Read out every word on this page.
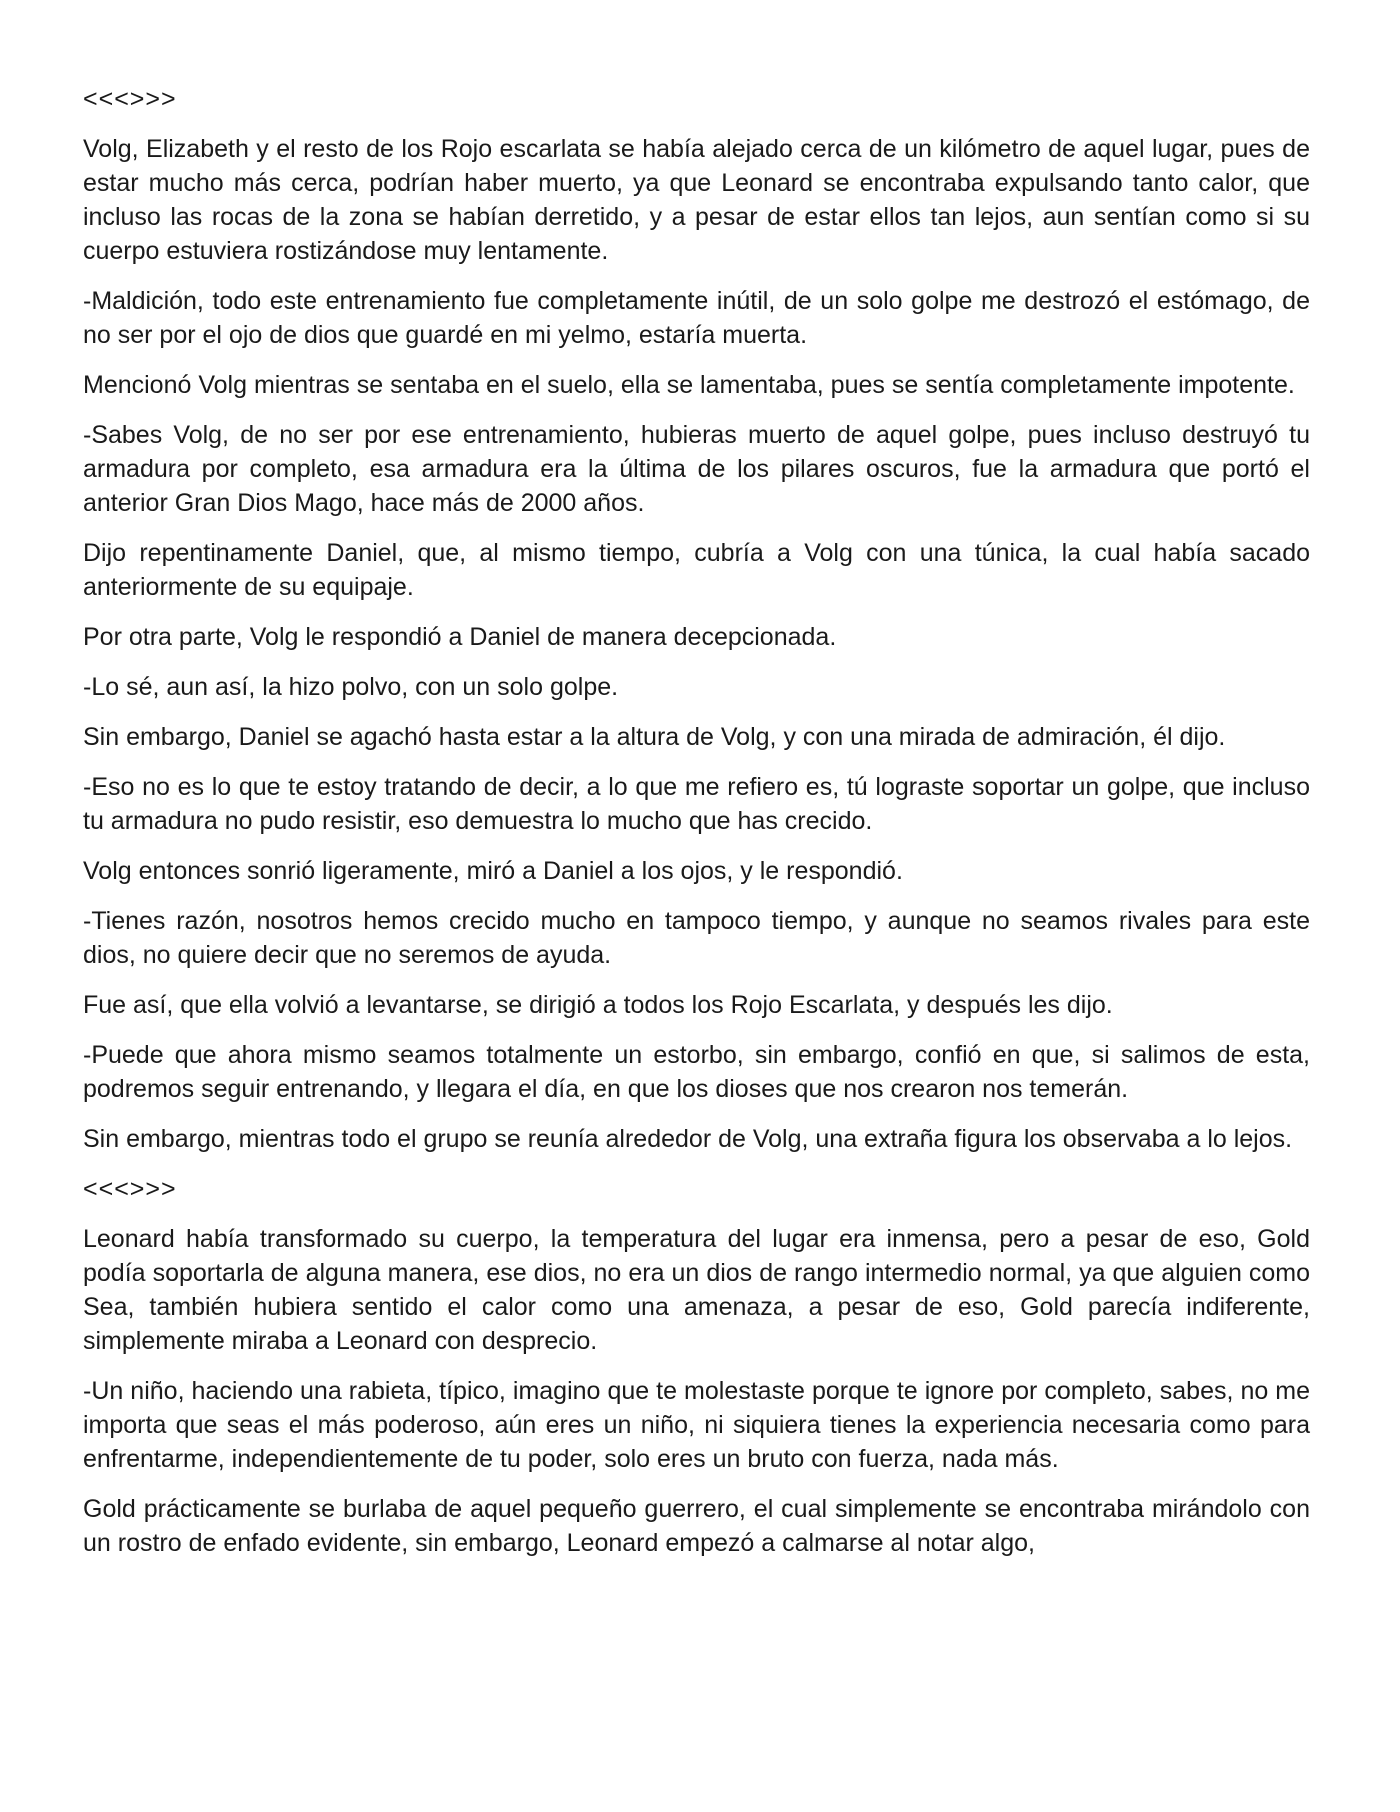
<<<>>>

Volg, Elizabeth y el resto de los Rojo escarlata se había alejado cerca de un kilómetro de aquel lugar, pues de estar mucho más cerca, podrían haber muerto, ya que Leonard se encontraba expulsando tanto calor, que incluso las rocas de la zona se habían derretido, y a pesar de estar ellos tan lejos, aun sentían como si su cuerpo estuviera rostizándose muy lentamente.

-Maldición, todo este entrenamiento fue completamente inútil, de un solo golpe me destrozó el estómago, de no ser por el ojo de dios que guardé en mi yelmo, estaría muerta.

Mencionó Volg mientras se sentaba en el suelo, ella se lamentaba, pues se sentía completamente impotente.

-Sabes Volg, de no ser por ese entrenamiento, hubieras muerto de aquel golpe, pues incluso destruyó tu armadura por completo, esa armadura era la última de los pilares oscuros, fue la armadura que portó el anterior Gran Dios Mago, hace más de 2000 años.

Dijo repentinamente Daniel, que, al mismo tiempo, cubría a Volg con una túnica, la cual había sacado anteriormente de su equipaje.

Por otra parte, Volg le respondió a Daniel de manera decepcionada.

-Lo sé, aun así, la hizo polvo, con un solo golpe.

Sin embargo, Daniel se agachó hasta estar a la altura de Volg, y con una mirada de admiración, él dijo.

-Eso no es lo que te estoy tratando de decir, a lo que me refiero es, tú lograste soportar un golpe, que incluso tu armadura no pudo resistir, eso demuestra lo mucho que has crecido.

Volg entonces sonrió ligeramente, miró a Daniel a los ojos, y le respondió.

-Tienes razón, nosotros hemos crecido mucho en tampoco tiempo, y aunque no seamos rivales para este dios, no quiere decir que no seremos de ayuda.

Fue así, que ella volvió a levantarse, se dirigió a todos los Rojo Escarlata, y después les dijo.

-Puede que ahora mismo seamos totalmente un estorbo, sin embargo, confió en que, si salimos de esta, podremos seguir entrenando, y llegara el día, en que los dioses que nos crearon nos temerán.

Sin embargo, mientras todo el grupo se reunía alrededor de Volg, una extraña figura los observaba a lo lejos.

<<<>>>

Leonard había transformado su cuerpo, la temperatura del lugar era inmensa, pero a pesar de eso, Gold podía soportarla de alguna manera, ese dios, no era un dios de rango intermedio normal, ya que alguien como Sea, también hubiera sentido el calor como una amenaza, a pesar de eso, Gold parecía indiferente, simplemente miraba a Leonard con desprecio.

-Un niño, haciendo una rabieta, típico, imagino que te molestaste porque te ignore por completo, sabes, no me importa que seas el más poderoso, aún eres un niño, ni siquiera tienes la experiencia necesaria como para enfrentarme, independientemente de tu poder, solo eres un bruto con fuerza, nada más.

Gold prácticamente se burlaba de aquel pequeño guerrero, el cual simplemente se encontraba mirándolo con un rostro de enfado evidente, sin embargo, Leonard empezó a calmarse al notar algo,
